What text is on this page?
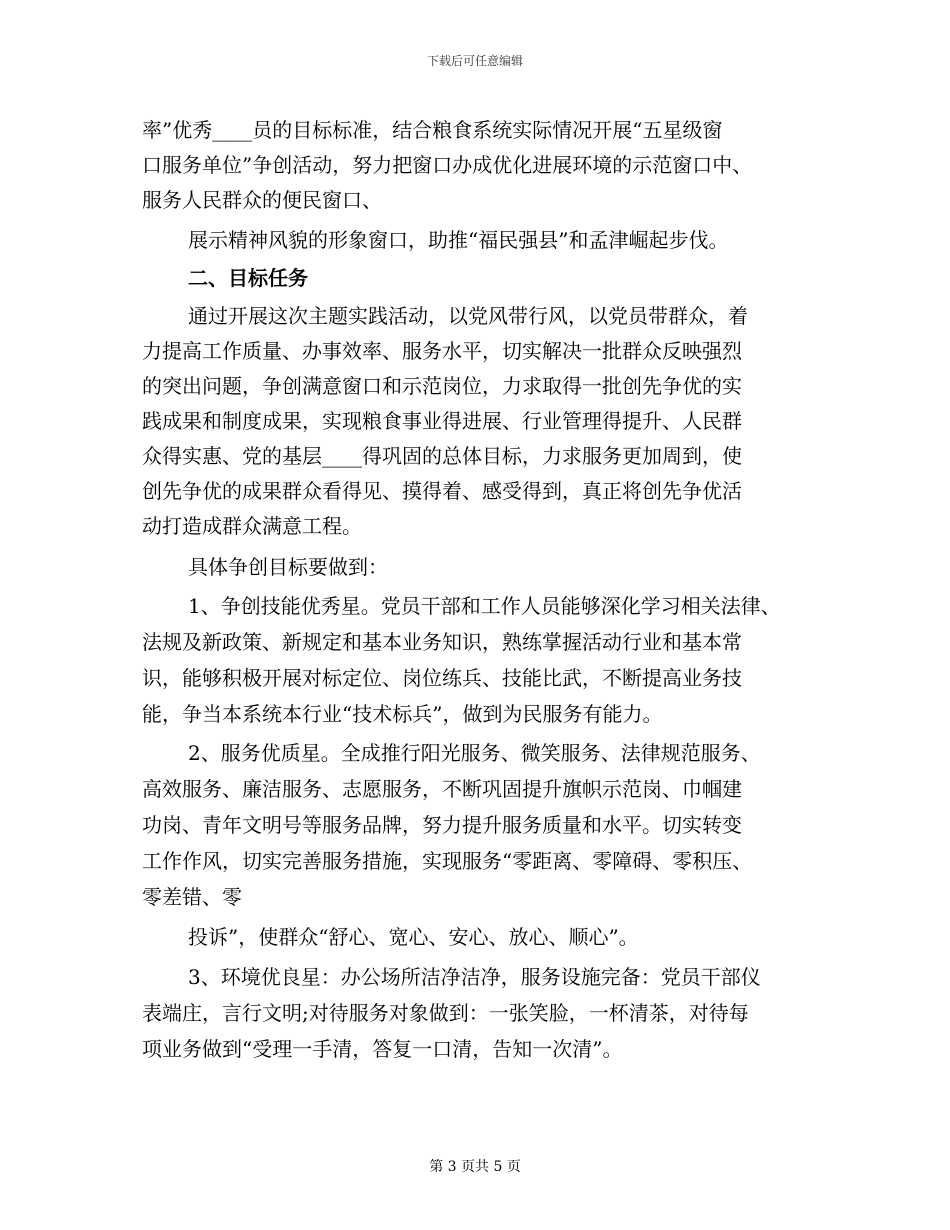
下载后可任意编辑
率”优秀____员的目标标准，结合粮食系统实际情况开展“五星级窗
口服务单位”争创活动，努力把窗口办成优化进展环境的示范窗口中、
服务人民群众的便民窗口、
展示精神风貌的形象窗口，助推“福民强县”和孟津崛起步伐。
二、目标任务
通过开展这次主题实践活动，以党风带行风，以党员带群众，着
力提高工作质量、办事效率、服务水平，切实解决一批群众反映强烈
的突出问题，争创满意窗口和示范岗位，力求取得一批创先争优的实
践成果和制度成果，实现粮食事业得进展、行业管理得提升、人民群
众得实惠、党的基层____得巩固的总体目标，力求服务更加周到，使
创先争优的成果群众看得见、摸得着、感受得到，真正将创先争优活
动打造成群众满意工程。
具体争创目标要做到：
1、争创技能优秀星。党员干部和工作人员能够深化学习相关法律、
法规及新政策、新规定和基本业务知识，熟练掌握活动行业和基本常
识，能够积极开展对标定位、岗位练兵、技能比武，不断提高业务技
能，争当本系统本行业“技术标兵”，做到为民服务有能力。
2、服务优质星。全成推行阳光服务、微笑服务、法律规范服务、
高效服务、廉洁服务、志愿服务，不断巩固提升旗帜示范岗、巾帼建
功岗、青年文明号等服务品牌，努力提升服务质量和水平。切实转变
工作作风，切实完善服务措施，实现服务“零距离、零障碍、零积压、
零差错、零
投诉”，使群众“舒心、宽心、安心、放心、顺心”。
3、环境优良星：办公场所洁净洁净，服务设施完备：党员干部仪
表端庄，言行文明;对待服务对象做到：一张笑脸，一杯清茶，对待每
项业务做到“受理一手清，答复一口清，告知一次清”。
第 3 页共 5 页
